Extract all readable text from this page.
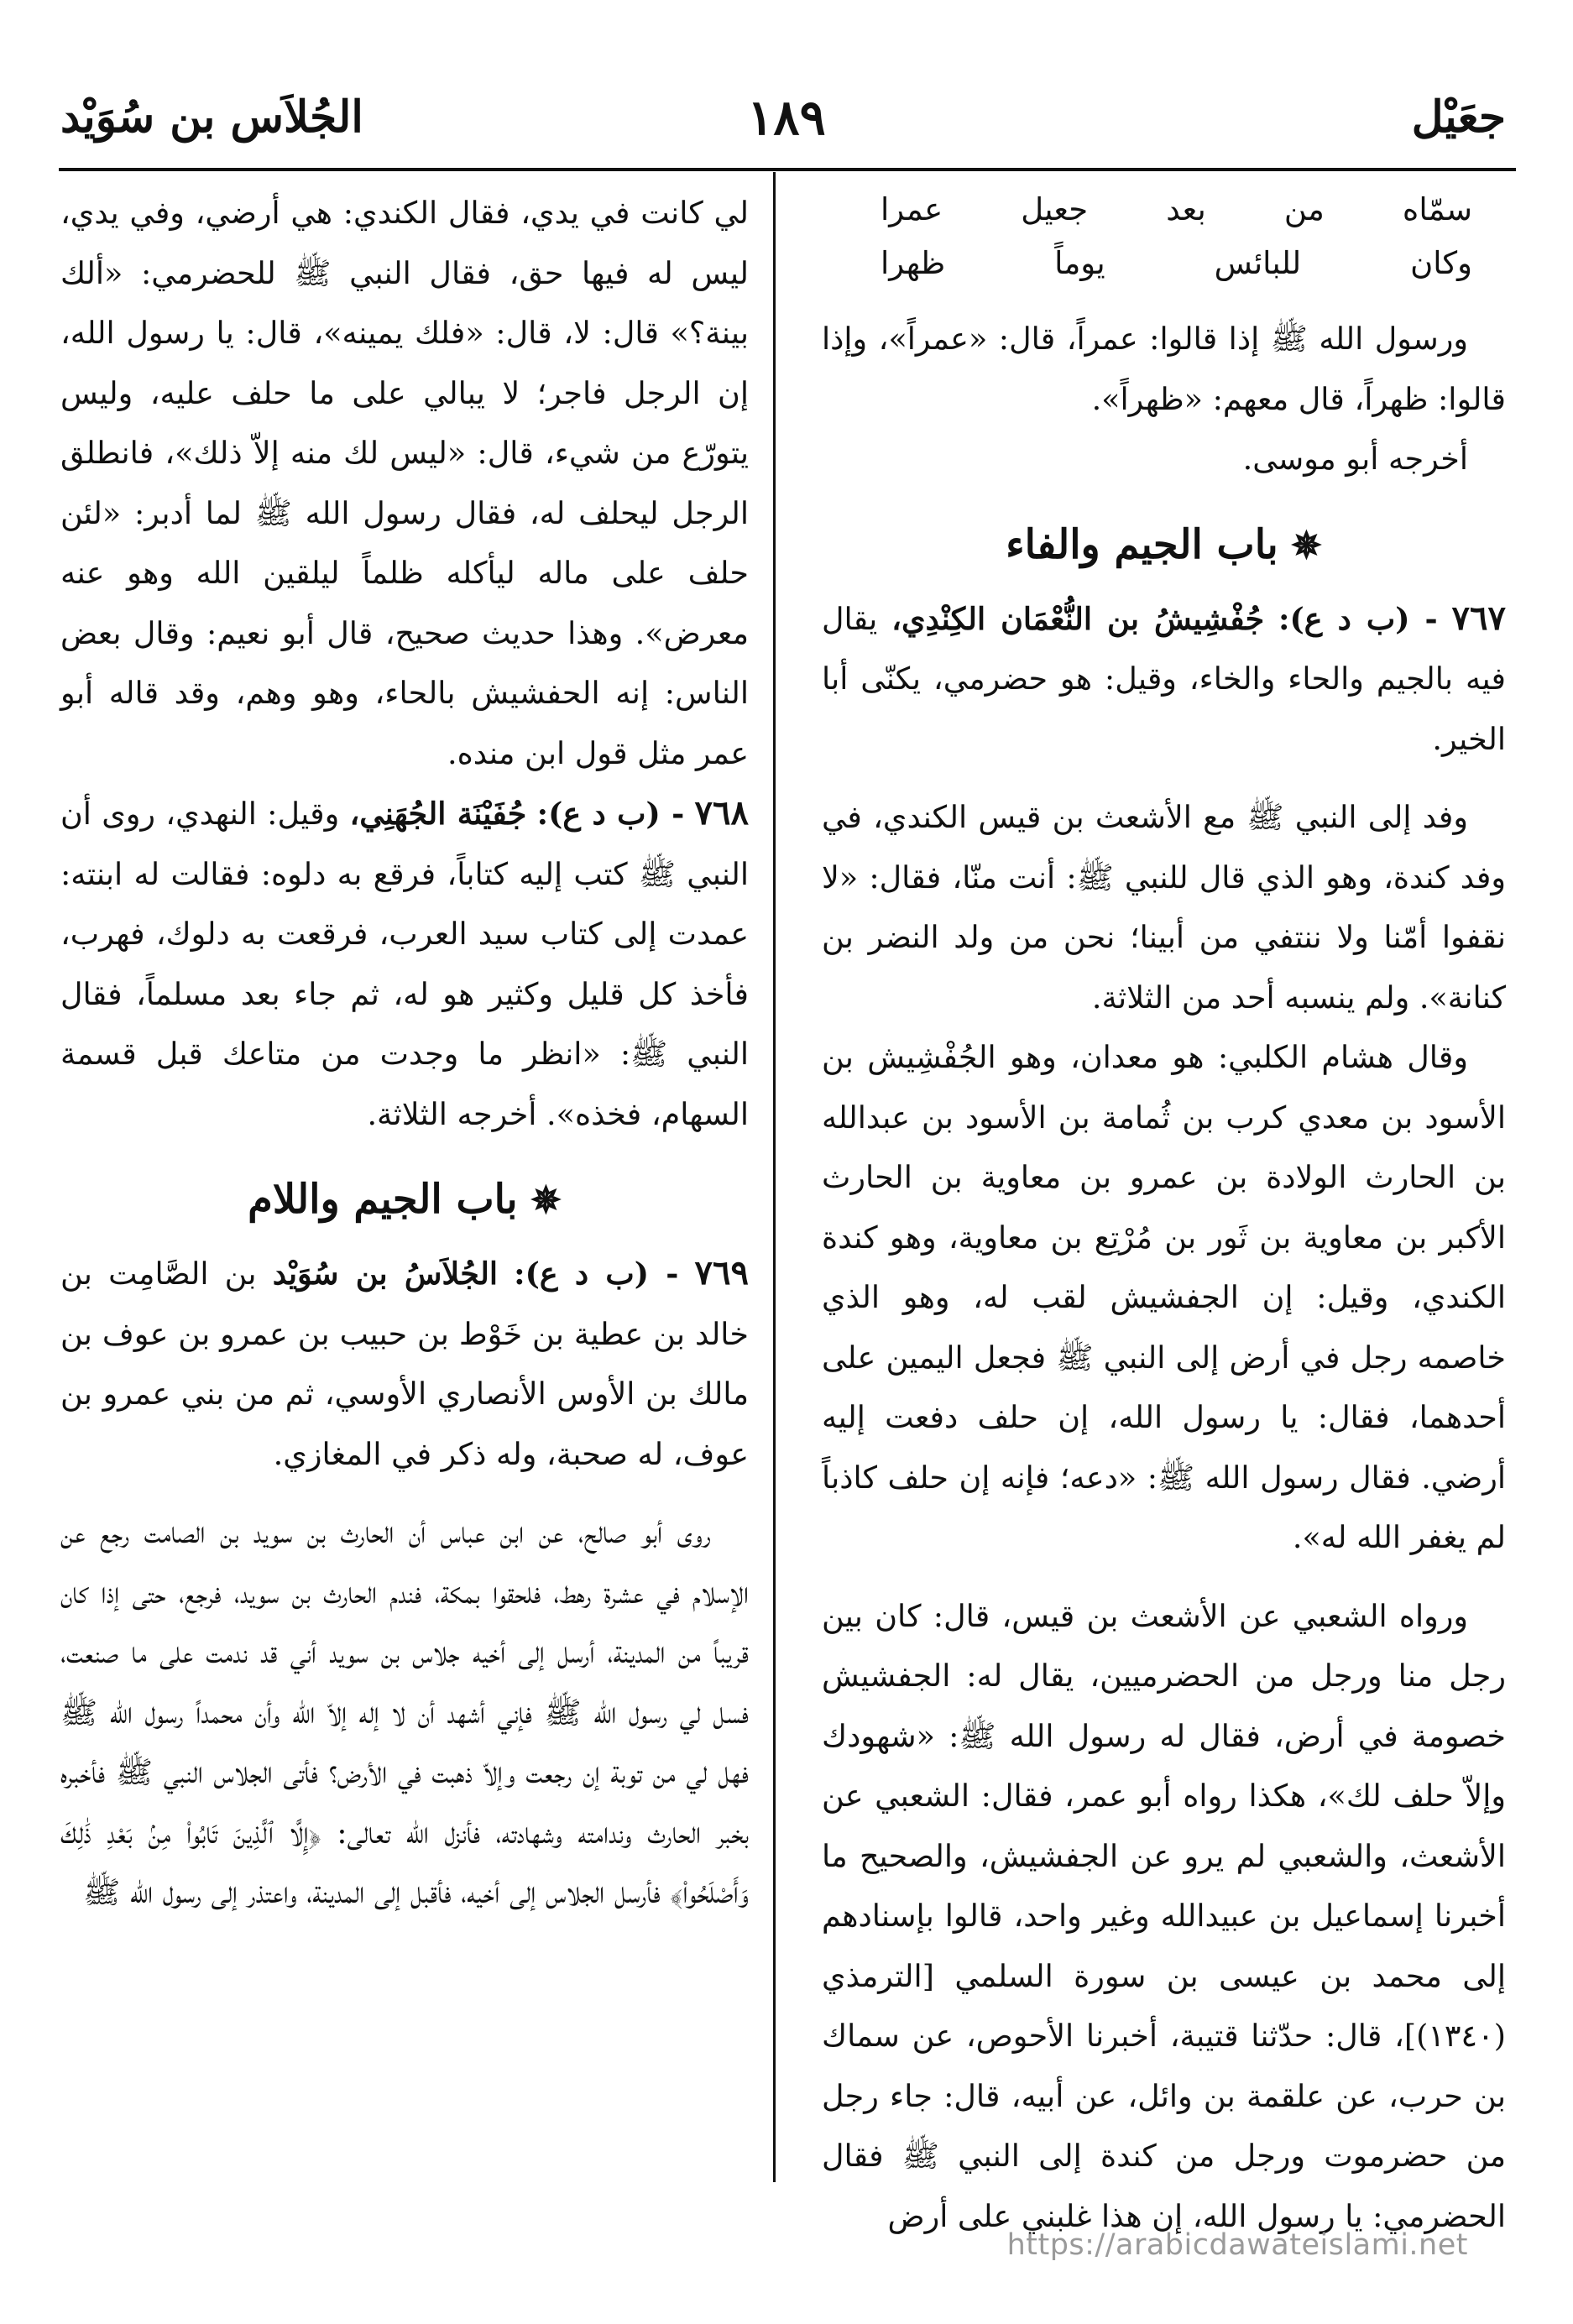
جعَيْل
١٨٩
الجُلاَس بن سُوَيْد
سمّاه من بعد جعيل عمرا
وكان للبائس يوماً ظهرا

ورسول الله ﷺ إذا قالوا: عمراً، قال: «عمراً»، وإذا قالوا: ظهراً، قال معهم: «ظهراً».

أخرجه أبو موسى.

✵ باب الجيم والفاء

٧٦٧ - (ب د ع): جُفْشِيشُ بن النُّعْمَان الكِنْدِي، يقال فيه بالجيم والحاء والخاء، وقيل: هو حضرمي، يكنّى أبا الخير.

وفد إلى النبي ﷺ مع الأشعث بن قيس الكندي، في وفد كندة، وهو الذي قال للنبي ﷺ: أنت منّا، فقال: «لا نقفوا أمّنا ولا ننتفي من أبينا؛ نحن من ولد النضر بن كنانة». ولم ينسبه أحد من الثلاثة.

وقال هشام الكلبي: هو معدان، وهو الجُفْشِيش بن الأسود بن معدي كرب بن ثُمامة بن الأسود بن عبدالله بن الحارث الولادة بن عمرو بن معاوية بن الحارث الأكبر بن معاوية بن ثَور بن مُرْتِع بن معاوية، وهو كندة الكندي، وقيل: إن الجفشيش لقب له، وهو الذي خاصمه رجل في أرض إلى النبي ﷺ فجعل اليمين على أحدهما، فقال: يا رسول الله، إن حلف دفعت إليه أرضي. فقال رسول الله ﷺ: «دعه؛ فإنه إن حلف كاذباً لم يغفر الله له».

ورواه الشعبي عن الأشعث بن قيس، قال: كان بين رجل منا ورجل من الحضرميين، يقال له: الجفشيش خصومة في أرض، فقال له رسول الله ﷺ: «شهودك وإلاّ حلف لك»، هكذا رواه أبو عمر، فقال: الشعبي عن الأشعث، والشعبي لم يرو عن الجفشيش، والصحيح ما أخبرنا إسماعيل بن عبيدالله وغير واحد، قالوا بإسنادهم إلى محمد بن عيسى بن سورة السلمي [الترمذي (١٣٤٠)]، قال: حدّثنا قتيبة، أخبرنا الأحوص، عن سماك بن حرب، عن علقمة بن وائل، عن أبيه، قال: جاء رجل من حضرموت ورجل من كندة إلى النبي ﷺ فقال الحضرمي: يا رسول الله، إن هذا غلبني على أرض

لي كانت في يدي، فقال الكندي: هي أرضي، وفي يدي، ليس له فيها حق، فقال النبي ﷺ للحضرمي: «ألك بينة؟» قال: لا، قال: «فلك يمينه»، قال: يا رسول الله، إن الرجل فاجر؛ لا يبالي على ما حلف عليه، وليس يتورّع من شيء، قال: «ليس لك منه إلاّ ذلك»، فانطلق الرجل ليحلف له، فقال رسول الله ﷺ لما أدبر: «لئن حلف على ماله ليأكله ظلماً ليلقين الله وهو عنه معرض». وهذا حديث صحيح، قال أبو نعيم: وقال بعض الناس: إنه الحفشيش بالحاء، وهو وهم، وقد قاله أبو عمر مثل قول ابن منده.

٧٦٨ - (ب د ع): جُفَيْنَة الجُهَنِي، وقيل: النهدي، روى أن النبي ﷺ كتب إليه كتاباً، فرقع به دلوه: فقالت له ابنته: عمدت إلى كتاب سيد العرب، فرقعت به دلوك، فهرب، فأخذ كل قليل وكثير هو له، ثم جاء بعد مسلماً، فقال النبي ﷺ: «انظر ما وجدت من متاعك قبل قسمة السهام، فخذه». أخرجه الثلاثة.

✵ باب الجيم واللام

٧٦٩ - (ب د ع): الجُلاَسُ بن سُوَيْد بن الصَّامِت بن خالد بن عطية بن خَوْط بن حبيب بن عمرو بن عوف بن مالك بن الأوس الأنصاري الأوسي، ثم من بني عمرو بن عوف، له صحبة، وله ذكر في المغازي.

روى أبو صالح، عن ابن عباس أن الحارث بن سويد بن الصامت رجع عن الإسلام في عشرة رهط، فلحقوا بمكة، فندم الحارث بن سويد، فرجع، حتى إذا كان قريباً من المدينة، أرسل إلى أخيه جلاس بن سويد أني قد ندمت على ما صنعت، فسل لي رسول الله ﷺ فإني أشهد أن لا إله إلاّ الله وأن محمداً رسول الله ﷺ فهل لي من توبة إن رجعت وإلاّ ذهبت في الأرض؟ فأتى الجلاس النبي ﷺ فأخبره بخبر الحارث وندامته وشهادته، فأنزل الله تعالى: ﴿إِلَّا ٱلَّذِينَ تَابُوا۟ مِنۢ بَعْدِ ذَٰلِكَ وَأَصْلَحُوا۟﴾ فأرسل الجلاس إلى أخيه، فأقبل إلى المدينة، واعتذر إلى رسول الله ﷺ

https://arabicdawateislami.net
